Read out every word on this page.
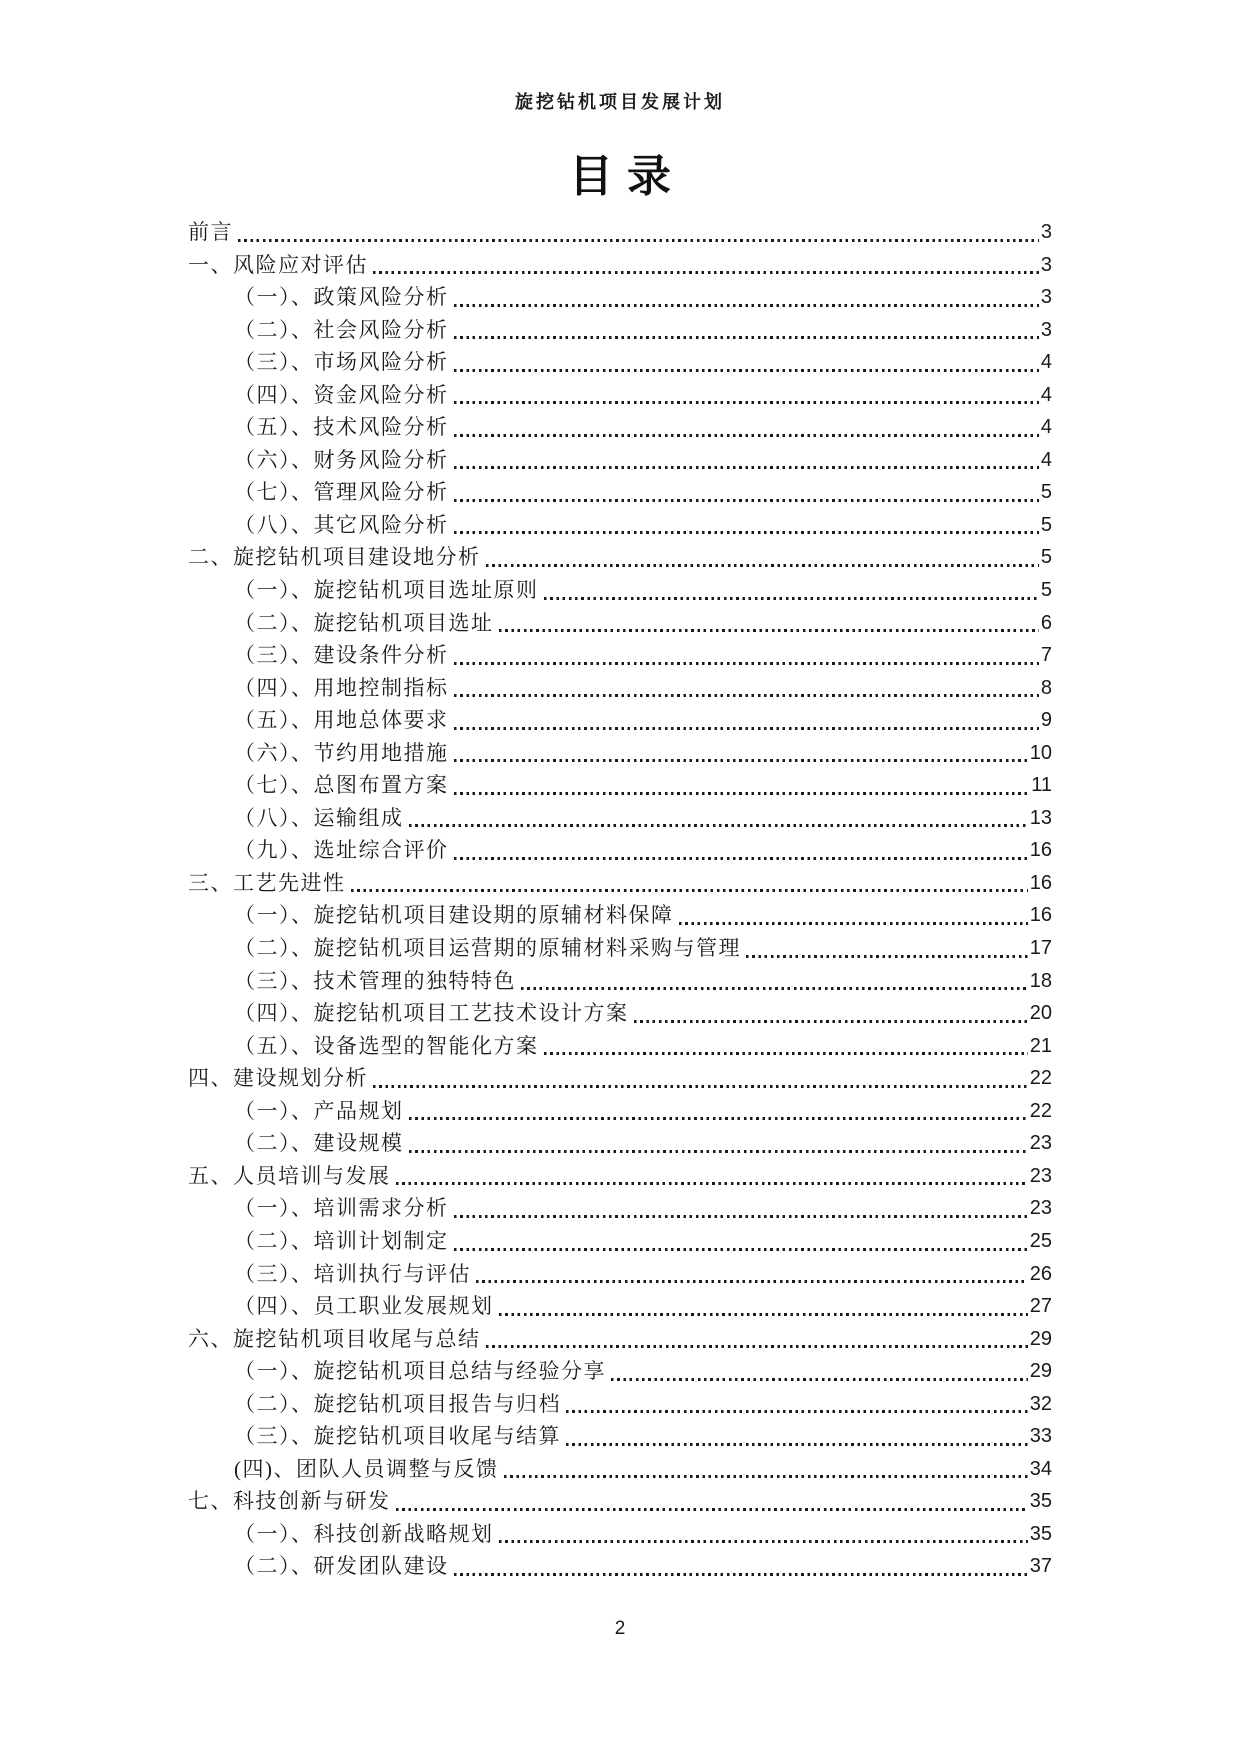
旋挖钻机项目发展计划
目录
前言	3
一、风险应对评估	3
（一）、政策风险分析	3
（二）、社会风险分析	3
（三）、市场风险分析	4
（四）、资金风险分析	4
（五）、技术风险分析	4
（六）、财务风险分析	4
（七）、管理风险分析	5
（八）、其它风险分析	5
二、旋挖钻机项目建设地分析	5
（一）、旋挖钻机项目选址原则	5
（二）、旋挖钻机项目选址	6
（三）、建设条件分析	7
（四）、用地控制指标	8
（五）、用地总体要求	9
（六）、节约用地措施	10
（七）、总图布置方案	11
（八）、运输组成	13
（九）、选址综合评价	16
三、工艺先进性	16
（一）、旋挖钻机项目建设期的原辅材料保障	16
（二）、旋挖钻机项目运营期的原辅材料采购与管理	17
（三）、技术管理的独特特色	18
（四）、旋挖钻机项目工艺技术设计方案	20
（五）、设备选型的智能化方案	21
四、建设规划分析	22
（一）、产品规划	22
（二）、建设规模	23
五、人员培训与发展	23
（一）、培训需求分析	23
（二）、培训计划制定	25
（三）、培训执行与评估	26
（四）、员工职业发展规划	27
六、旋挖钻机项目收尾与总结	29
（一）、旋挖钻机项目总结与经验分享	29
（二）、旋挖钻机项目报告与归档	32
（三）、旋挖钻机项目收尾与结算	33
(四)、团队人员调整与反馈	34
七、科技创新与研发	35
（一）、科技创新战略规划	35
（二）、研发团队建设	37
2
